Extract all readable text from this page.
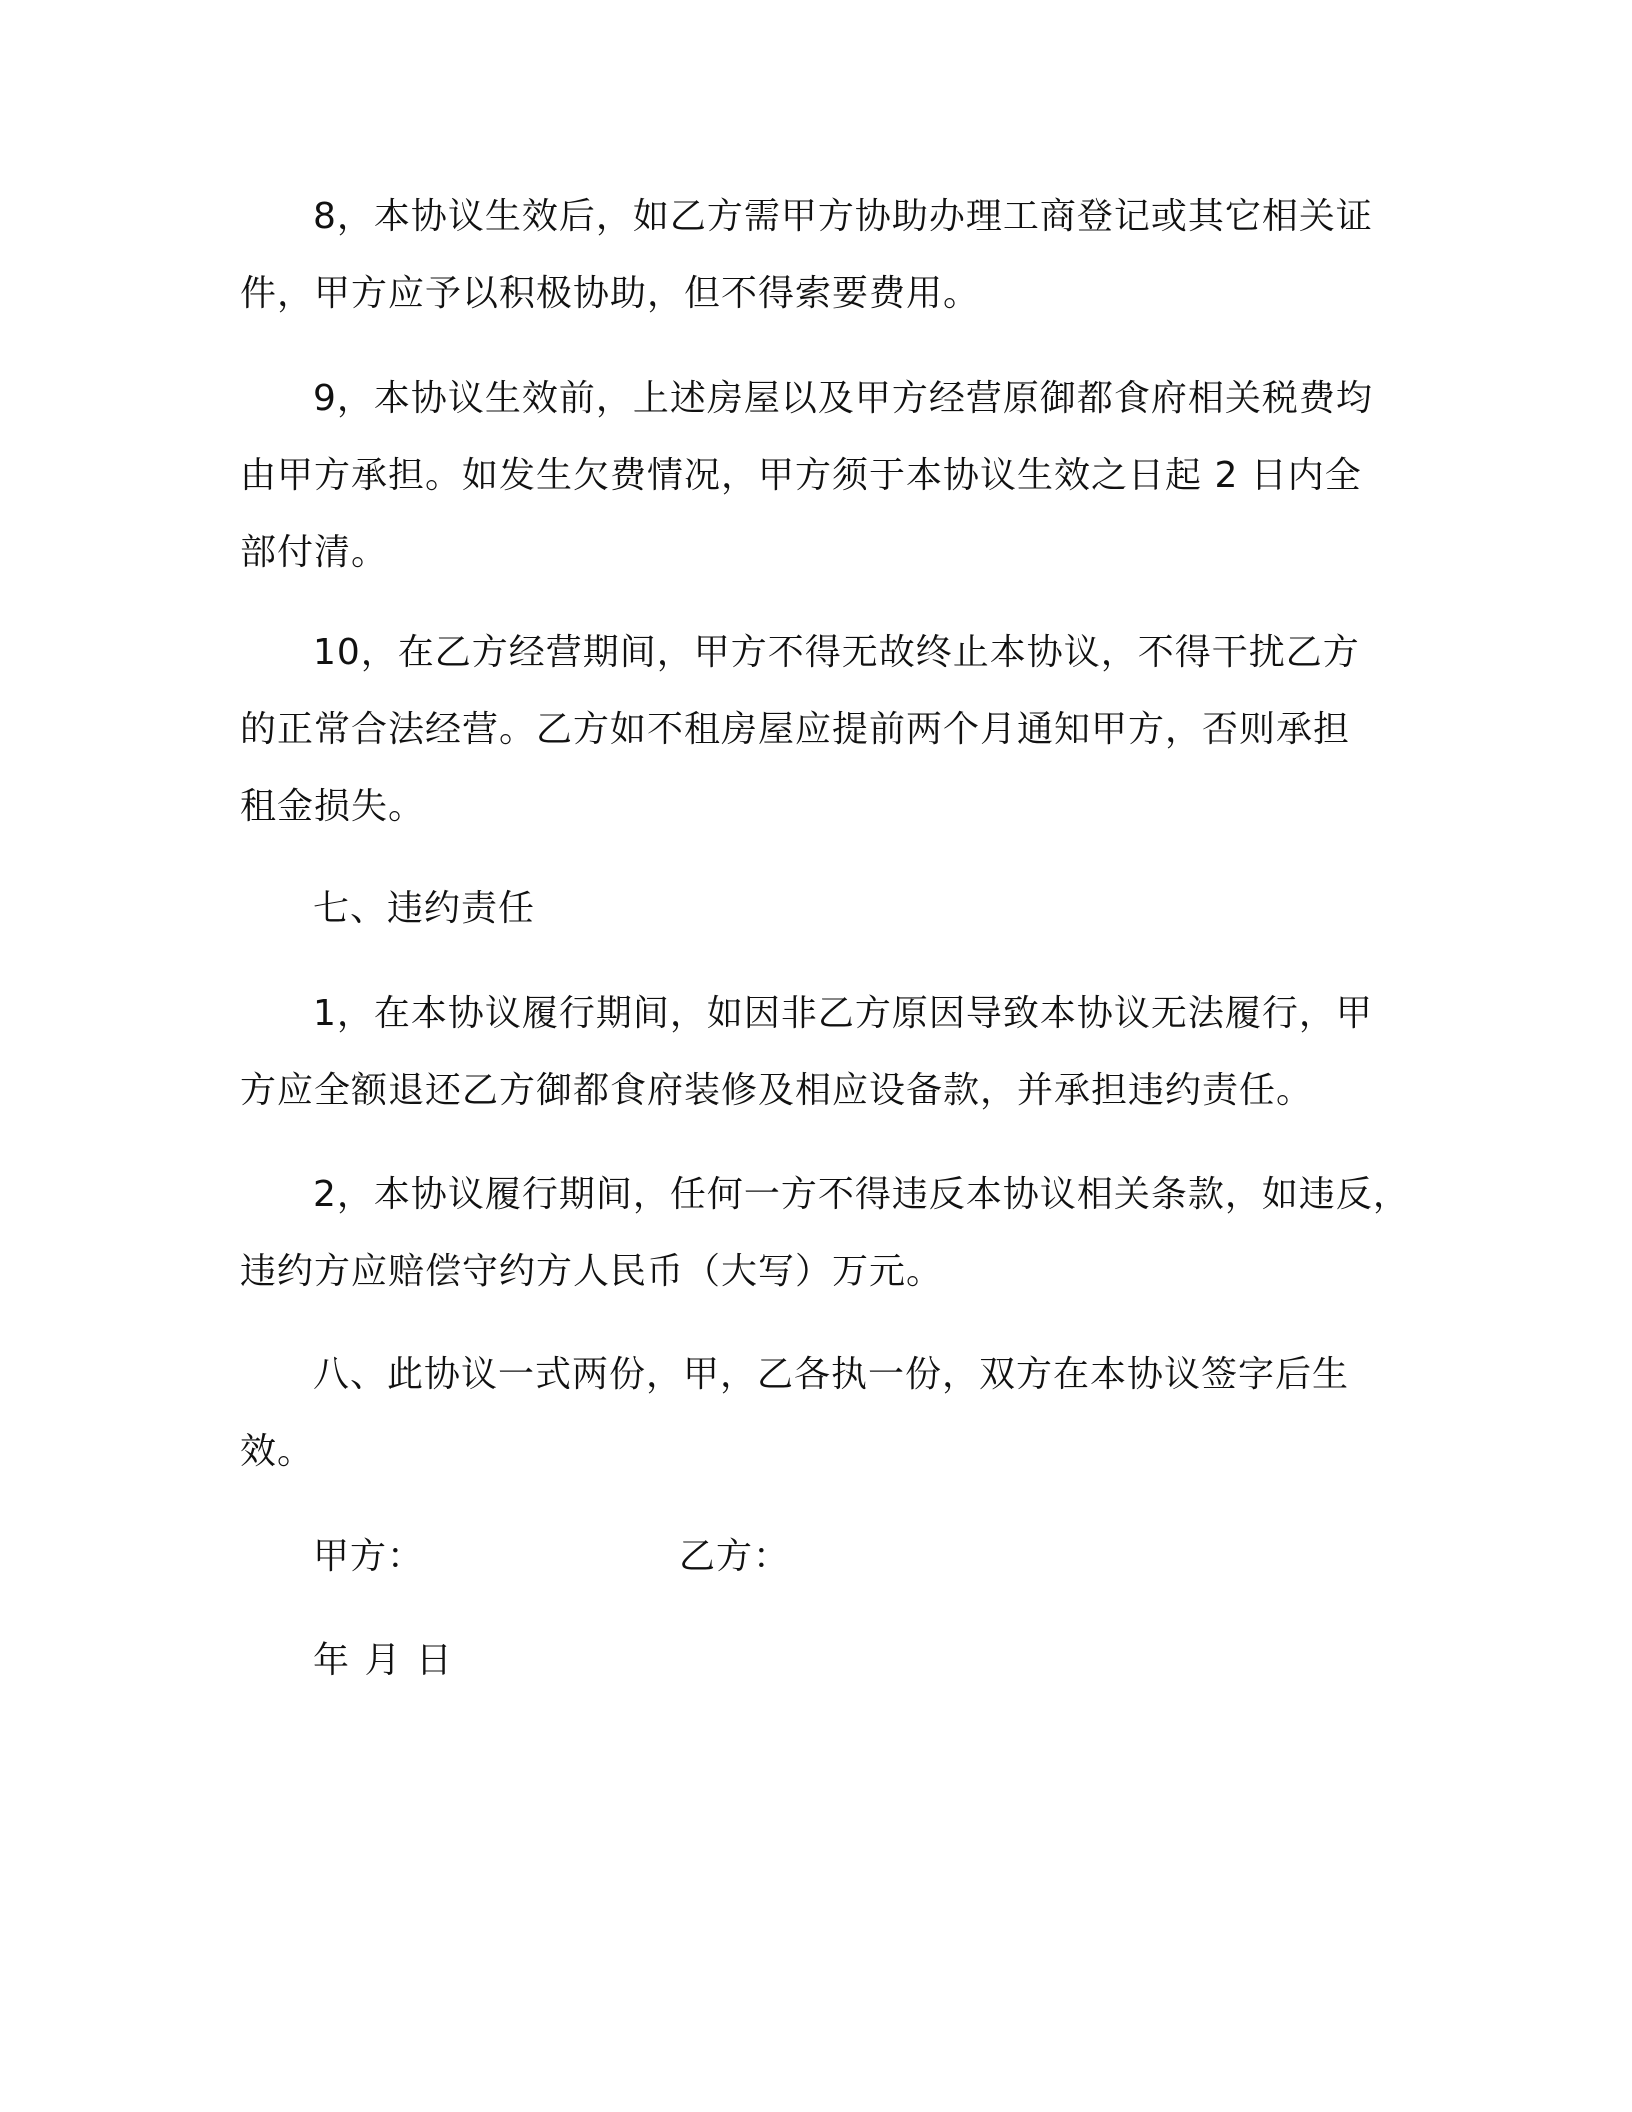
8，本协议生效后，如乙方需甲方协助办理工商登记或其它相关证
件，甲方应予以积极协助，但不得索要费用。
9，本协议生效前，上述房屋以及甲方经营原御都食府相关税费均
由甲方承担。如发生欠费情况，甲方须于本协议生效之日起 2 日内全
部付清。
10，在乙方经营期间，甲方不得无故终止本协议，不得干扰乙方
的正常合法经营。乙方如不租房屋应提前两个月通知甲方，否则承担
租金损失。
七、违约责任
1，在本协议履行期间，如因非乙方原因导致本协议无法履行，甲
方应全额退还乙方御都食府装修及相应设备款，并承担违约责任。
2，本协议履行期间，任何一方不得违反本协议相关条款，如违反，
违约方应赔偿守约方人民币（大写）万元。
八、此协议一式两份，甲，乙各执一份，双方在本协议签字后生
效。
甲方：	乙方：
年 月 日
